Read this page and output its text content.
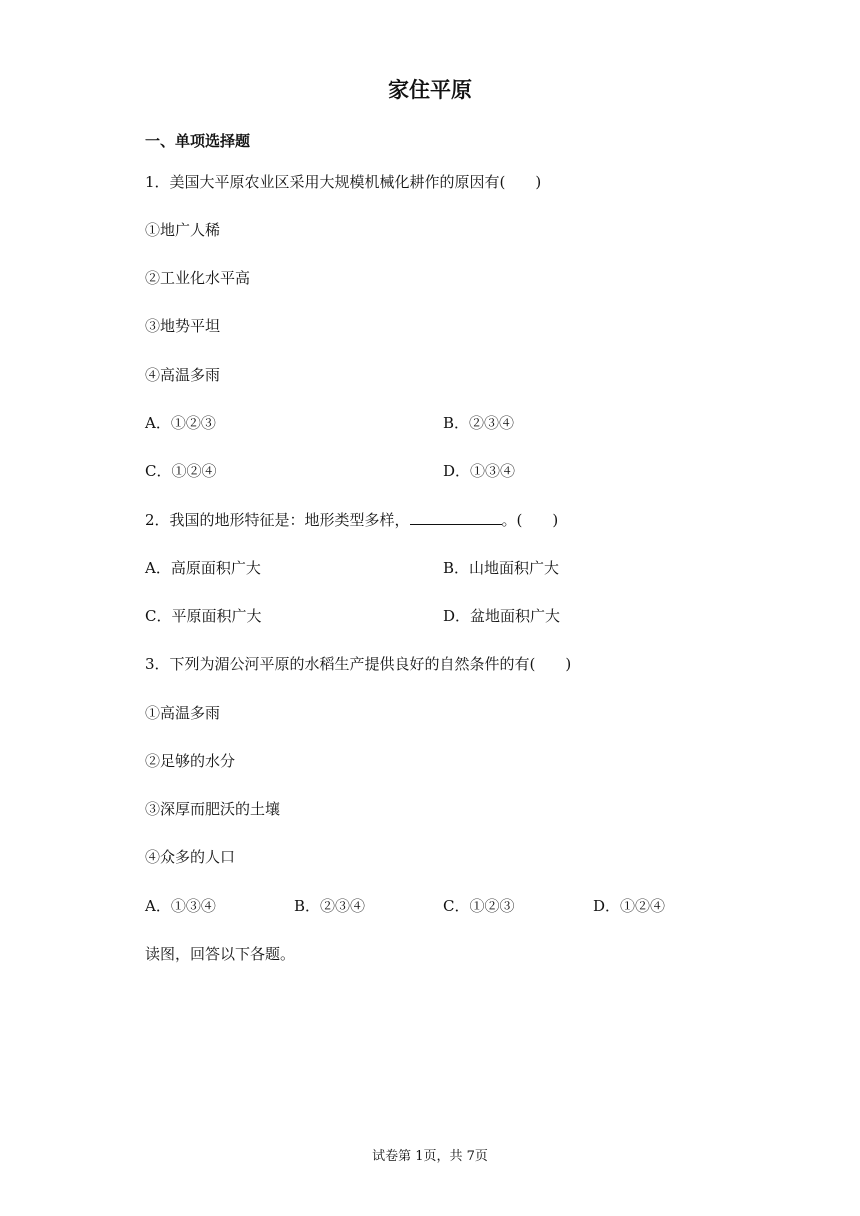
家住平原
一、单项选择题
1．美国大平原农业区采用大规模机械化耕作的原因有(　　)
①地广人稀
②工业化水平高
③地势平坦
④高温多雨
A．①②③	B．②③④
C．①②④	D．①③④
2．我国的地形特征是：地形类型多样，	。(　　)
A．高原面积广大	B．山地面积广大
C．平原面积广大	D．盆地面积广大
3．下列为湄公河平原的水稻生产提供良好的自然条件的有(　　)
①高温多雨
②足够的水分
③深厚而肥沃的土壤
④众多的人口
A．①③④	B．②③④	C．①②③	D．①②④
读图，回答以下各题。
试卷第 1页，共 7页
